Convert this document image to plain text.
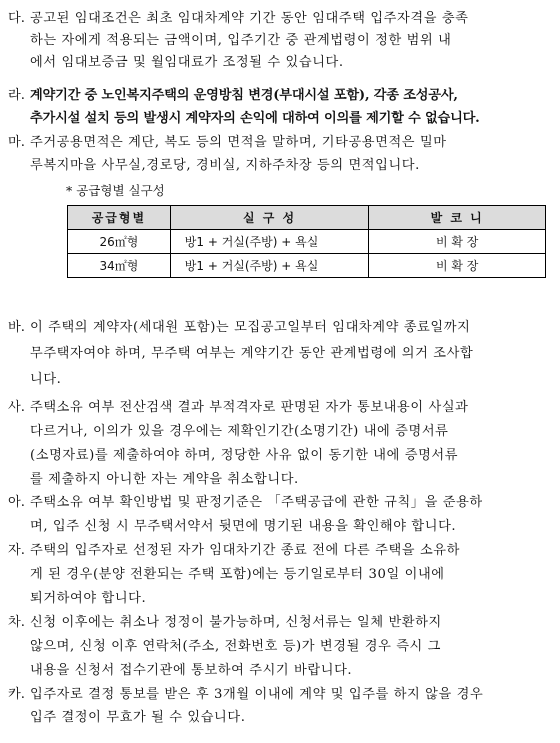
다. 공고된 임대조건은 최초 임대차계약 기간 동안 임대주택 입주자격을 충족
하는 자에게 적용되는 금액이며, 입주기간 중 관계법령이 정한 범위 내
에서 임대보증금 및 월임대료가 조정될 수 있습니다.
라. 계약기간 중 노인복지주택의 운영방침 변경(부대시설 포함), 각종 조성공사,
추가시설 설치 등의 발생시 계약자의 손익에 대하여 이의를 제기할 수 없습니다.
마. 주거공용면적은 계단, 복도 등의 면적을 말하며, 기타공용면적은 밀마
루복지마을 사무실,경로당, 경비실, 지하주차장 등의 면적입니다.
* 공급형별 실구성
공급형별	실 구 성	발 코 니
26㎡형	방1 + 거실(주방) + 욕실	비 확 장
34㎡형	방1 + 거실(주방) + 욕실	비 확 장
바. 이 주택의 계약자(세대원 포함)는 모집공고일부터 임대차계약 종료일까지
무주택자여야 하며, 무주택 여부는 계약기간 동안 관계법령에 의거 조사합
니다.
사. 주택소유 여부 전산검색 결과 부적격자로 판명된 자가 통보내용이 사실과
다르거나, 이의가 있을 경우에는 제확인기간(소명기간) 내에 증명서류
(소명자료)를 제출하여야 하며, 정당한 사유 없이 동기한 내에 증명서류
를 제출하지 아니한 자는 계약을 취소합니다.
아. 주택소유 여부 확인방법 및 판정기준은 「주택공급에 관한 규칙」을 준용하
며, 입주 신청 시 무주택서약서 뒷면에 명기된 내용을 확인해야 합니다.
자. 주택의 입주자로 선정된 자가 임대차기간 종료 전에 다른 주택을 소유하
게 된 경우(분양 전환되는 주택 포함)에는 등기일로부터 30일 이내에
퇴거하여야 합니다.
차. 신청 이후에는 취소나 정정이 불가능하며, 신청서류는 일체 반환하지
않으며, 신청 이후 연락처(주소, 전화번호 등)가 변경될 경우 즉시 그
내용을 신청서 접수기관에 통보하여 주시기 바랍니다.
카. 입주자로 결정 통보를 받은 후 3개월 이내에 계약 및 입주를 하지 않을 경우
입주 결정이 무효가 될 수 있습니다.
